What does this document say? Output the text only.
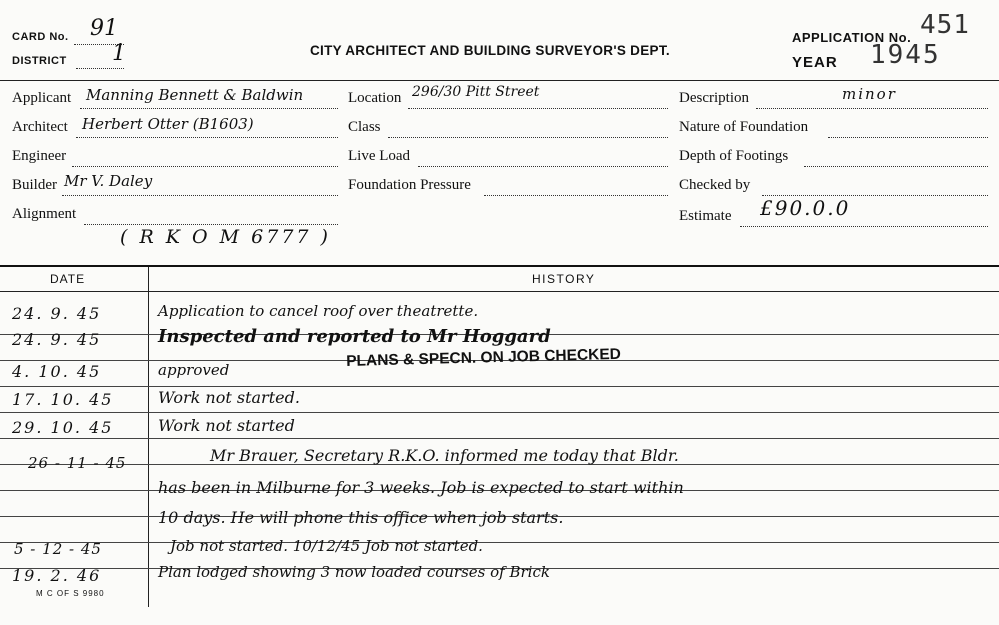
CARD No. 91
DISTRICT 1	CITY ARCHITECT AND BUILDING SURVEYOR'S DEPT.
APPLICATION No. 451
YEAR 1945
Applicant Manning Bennett & Baldwin
Architect Herbert Otter (B1603)
Engineer
Builder Mr V. Daley
Alignment
( R K O M 6777 )
Location 296/30 Pitt Street
Class
Live Load
Foundation Pressure
Description	minor
Nature of Foundation
Depth of Footings
Checked by
Estimate £90.0.0
DATE	HISTORY
24. 9. 45	Application to cancel roof over theatrette.
24. 9. 45	Inspected and reported to Mr Hoggard
4. 10. 45	approved
PLANS & SPECN. ON JOB CHECKED
17. 10. 45	Work not started.
29. 10. 45	Work not started
26 - 11 - 45	Mr Brauer, Secretary R.K.O. informed me today that Bldr.
has been in Milburne for 3 weeks. Job is expected to start within
10 days. He will phone this office when job starts.
5 - 12 - 45	Job not started. 10/12/45 Job not started.
19. 2. 46	Plan lodged showing 3 now loaded courses of Brick
M C OF S 9980
